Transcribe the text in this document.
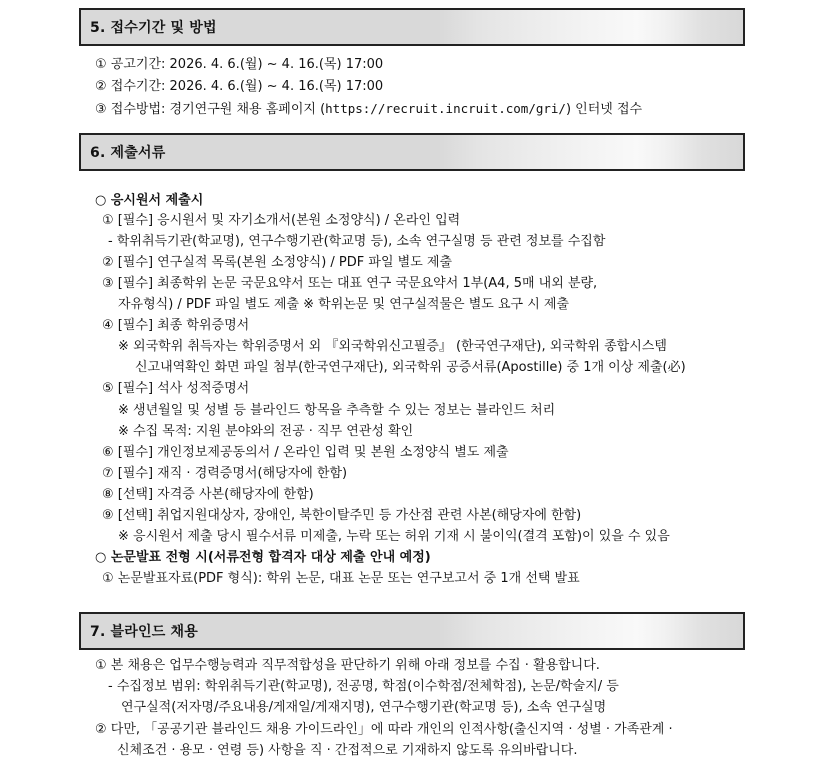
5. 접수기간 및 방법
① 공고기간: 2026. 4. 6.(월) ~ 4. 16.(목) 17:00
② 접수기간: 2026. 4. 6.(월) ~ 4. 16.(목) 17:00
③ 접수방법: 경기연구원 채용 홈페이지 (https://recruit.incruit.com/gri/) 인터넷 접수
6. 제출서류
○ 응시원서 제출시
① [필수] 응시원서 및 자기소개서(본원 소정양식) / 온라인 입력
- 학위취득기관(학교명), 연구수행기관(학교명 등), 소속 연구실명 등 관련 정보를 수집함
② [필수] 연구실적 목록(본원 소정양식) / PDF 파일 별도 제출
③ [필수] 최종학위 논문 국문요약서 또는 대표 연구 국문요약서 1부(A4, 5매 내외 분량,
자유형식) / PDF 파일 별도 제출 ※ 학위논문 및 연구실적물은 별도 요구 시 제출
④ [필수] 최종 학위증명서
※ 외국학위 취득자는 학위증명서 외 『외국학위신고필증』 (한국연구재단), 외국학위 종합시스템
신고내역확인 화면 파일 첨부(한국연구재단), 외국학위 공증서류(Apostille) 중 1개 이상 제출(必)
⑤ [필수] 석사 성적증명서
※ 생년월일 및 성별 등 블라인드 항목을 추측할 수 있는 정보는 블라인드 처리
※ 수집 목적: 지원 분야와의 전공 · 직무 연관성 확인
⑥ [필수] 개인정보제공동의서 / 온라인 입력 및 본원 소정양식 별도 제출
⑦ [필수] 재직 · 경력증명서(해당자에 한함)
⑧ [선택] 자격증 사본(해당자에 한함)
⑨ [선택] 취업지원대상자, 장애인, 북한이탈주민 등 가산점 관련 사본(해당자에 한함)
※ 응시원서 제출 당시 필수서류 미제출, 누락 또는 허위 기재 시 불이익(결격 포함)이 있을 수 있음
○ 논문발표 전형 시(서류전형 합격자 대상 제출 안내 예정)
① 논문발표자료(PDF 형식): 학위 논문, 대표 논문 또는 연구보고서 중 1개 선택 발표
7. 블라인드 채용
① 본 채용은 업무수행능력과 직무적합성을 판단하기 위해 아래 정보를 수집 · 활용합니다.
- 수집정보 범위: 학위취득기관(학교명), 전공명, 학점(이수학점/전체학점), 논문/학술지/ 등
연구실적(저자명/주요내용/게재일/게재지명), 연구수행기관(학교명 등), 소속 연구실명
② 다만, 「공공기관 블라인드 채용 가이드라인」에 따라 개인의 인적사항(출신지역 · 성별 · 가족관계 ·
신체조건 · 용모 · 연령 등) 사항을 직 · 간접적으로 기재하지 않도록 유의바랍니다.
